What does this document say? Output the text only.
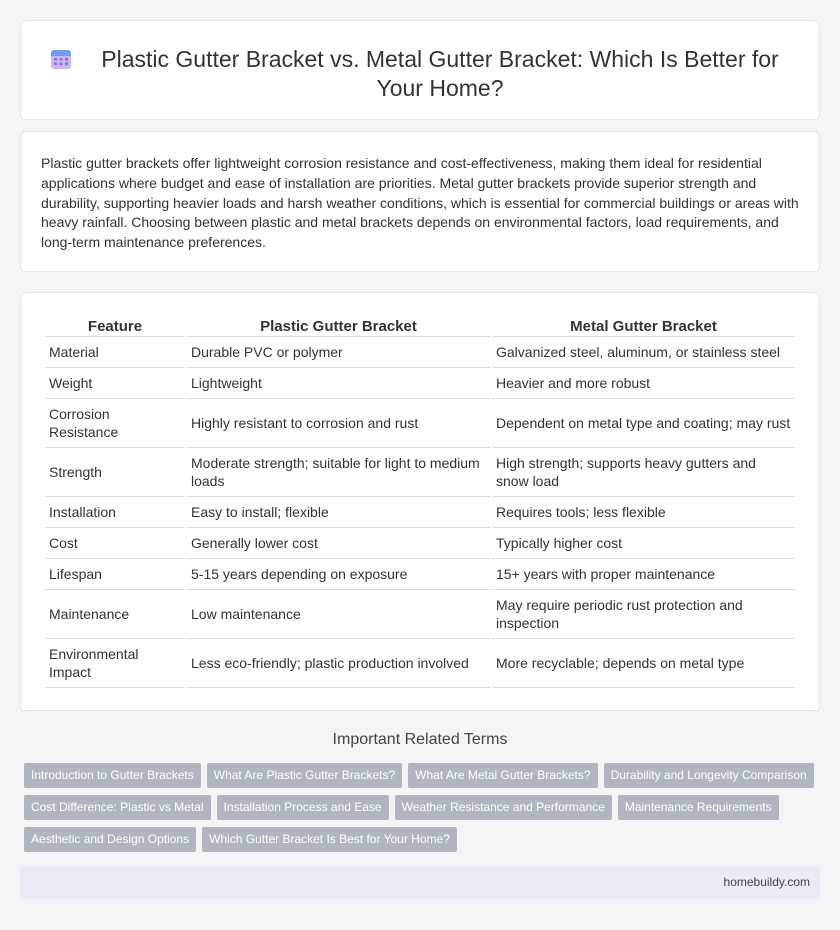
Plastic Gutter Bracket vs. Metal Gutter Bracket: Which Is Better for Your Home?

Plastic gutter brackets offer lightweight corrosion resistance and cost-effectiveness, making them ideal for residential applications where budget and ease of installation are priorities. Metal gutter brackets provide superior strength and durability, supporting heavier loads and harsh weather conditions, which is essential for commercial buildings or areas with heavy rainfall. Choosing between plastic and metal brackets depends on environmental factors, load requirements, and long-term maintenance preferences.

Feature	Plastic Gutter Bracket	Metal Gutter Bracket
Material	Durable PVC or polymer	Galvanized steel, aluminum, or stainless steel
Weight	Lightweight	Heavier and more robust
Corrosion Resistance	Highly resistant to corrosion and rust	Dependent on metal type and coating; may rust
Strength	Moderate strength; suitable for light to medium loads	High strength; supports heavy gutters and snow load
Installation	Easy to install; flexible	Requires tools; less flexible
Cost	Generally lower cost	Typically higher cost
Lifespan	5-15 years depending on exposure	15+ years with proper maintenance
Maintenance	Low maintenance	May require periodic rust protection and inspection
Environmental Impact	Less eco-friendly; plastic production involved	More recyclable; depends on metal type
Important Related Terms
Introduction to Gutter Brackets What Are Plastic Gutter Brackets? What Are Metal Gutter Brackets? Durability and Longevity Comparison
Cost Difference: Plastic vs Metal Installation Process and Ease Weather Resistance and Performance Maintenance Requirements
Aesthetic and Design Options Which Gutter Bracket Is Best for Your Home?
homebuildy.com
